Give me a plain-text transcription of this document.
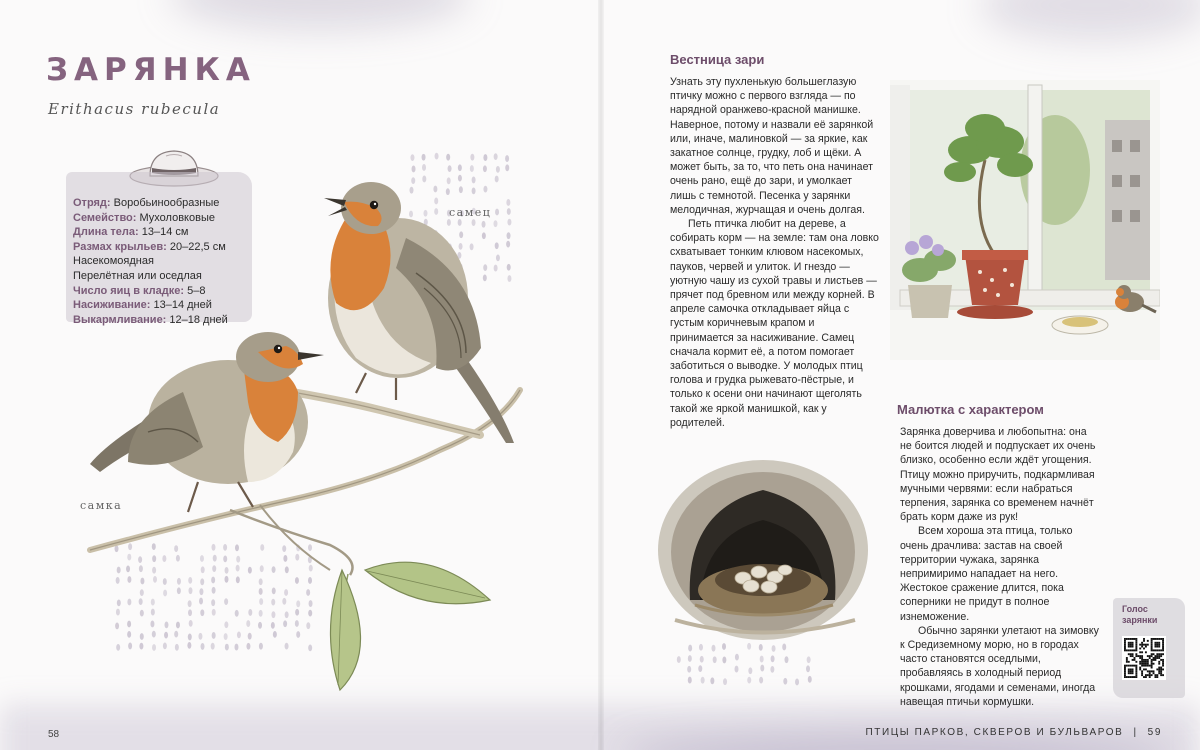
ЗАРЯНКА
Erithacus rubecula
Отряд: Воробьинообразные
Семейство: Мухоловковые
Длина тела: 13–14 см
Размах крыльев: 20–22,5 см
Насекомоядная
Перелётная или оседлая
Число яиц в кладке: 5–8
Насиживание: 13–14 дней
Выкармливание: 12–18 дней
самец
самка
58
Вестница зари

Узнать эту пухленькую большеглазую птичку можно с первого взгляда — по нарядной оранжево-красной манишке. Наверное, потому и назвали её зарянкой или, иначе, малиновкой — за яркие, как закатное солнце, грудку, лоб и щёки. А может быть, за то, что петь она начинает очень рано, ещё до зари, и умолкает лишь с темнотой. Песенка у зарянки мелодичная, журчащая и очень долгая.

Петь птичка любит на дереве, а собирать корм — на земле: там она ловко схватывает тонким клювом насекомых, пауков, червей и улиток. И гнездо — уютную чашу из сухой травы и листьев — прячет под бревном или между корней. В апреле самочка откладывает яйца с густым коричневым крапом и принимается за насиживание. Самец сначала кормит её, а потом помогает заботиться о выводке. У молодых птиц голова и грудка рыжевато-пёстрые, и только к осени они начинают щеголять такой же яркой манишкой, как у родителей.

Малютка с характером

Зарянка доверчива и любопытна: она не боится людей и подпускает их очень близко, особенно если ждёт угощения. Птицу можно приручить, подкармливая мучными червями: если набраться терпения, зарянка со временем начнёт брать корм даже из рук!

Всем хороша эта птица, только очень драчлива: застав на своей территории чужака, зарянка непримиримо нападает на него. Жестокое сражение длится, пока соперники не придут в полное изнеможение.

Обычно зарянки улетают на зимовку к Средиземному морю, но в городах часто становятся оседлыми, пробавляясь в холодный период крошками, ягодами и семенами, иногда навещая птичьи кормушки.

Голос зарянки
ПТИЦЫ ПАРКОВ, СКВЕРОВ И БУЛЬВАРОВ | 59
